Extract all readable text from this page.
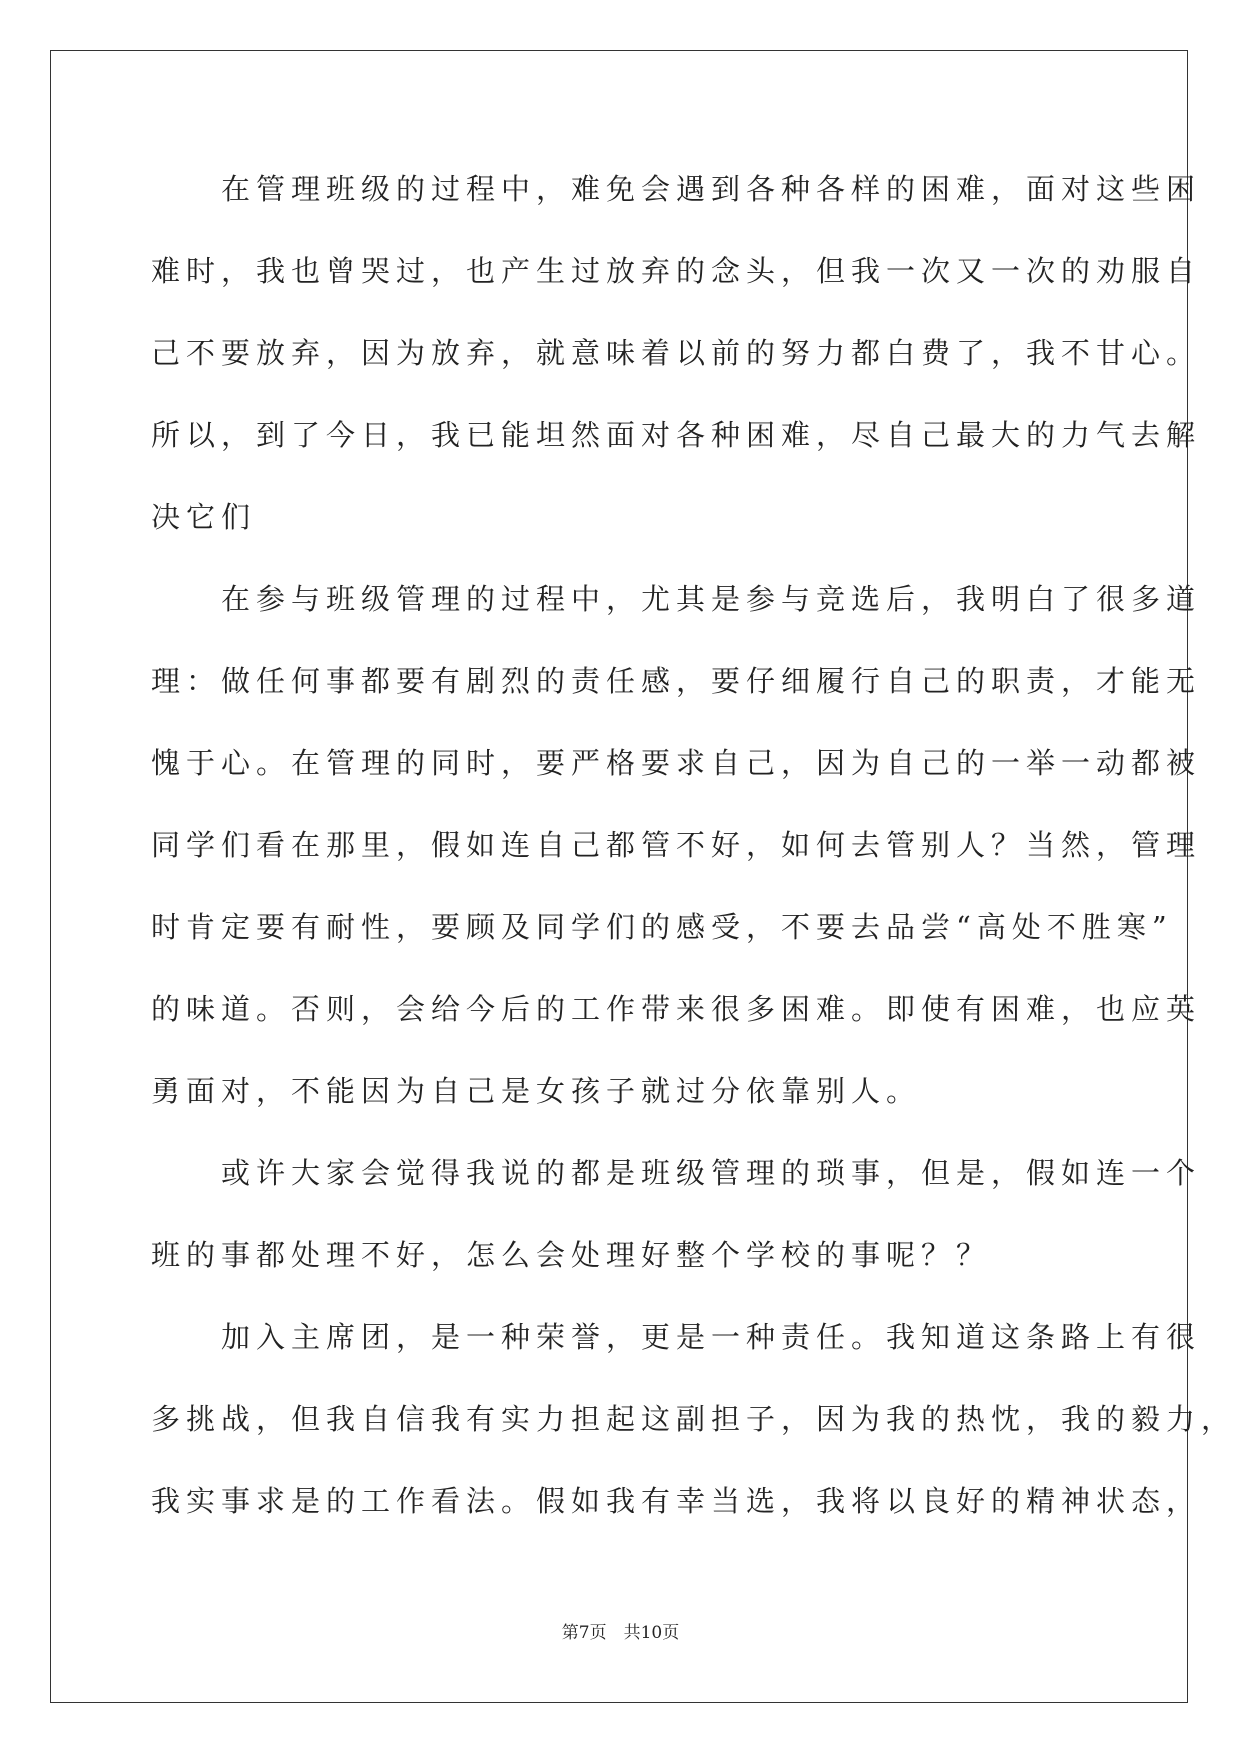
　　在管理班级的过程中，难免会遇到各种各样的困难，面对这些困
难时，我也曾哭过，也产生过放弃的念头，但我一次又一次的劝服自
己不要放弃，因为放弃，就意味着以前的努力都白费了，我不甘心。
所以，到了今日，我已能坦然面对各种困难，尽自己最大的力气去解
决它们
　　在参与班级管理的过程中，尤其是参与竞选后，我明白了很多道
理：做任何事都要有剧烈的责任感，要仔细履行自己的职责，才能无
愧于心。在管理的同时，要严格要求自己，因为自己的一举一动都被
同学们看在那里，假如连自己都管不好，如何去管别人？当然，管理
时肯定要有耐性，要顾及同学们的感受，不要去品尝“高处不胜寒”
的味道。否则，会给今后的工作带来很多困难。即使有困难，也应英
勇面对，不能因为自己是女孩子就过分依靠别人。
　　或许大家会觉得我说的都是班级管理的琐事，但是，假如连一个
班的事都处理不好，怎么会处理好整个学校的事呢？？
　　加入主席团，是一种荣誉，更是一种责任。我知道这条路上有很
多挑战，但我自信我有实力担起这副担子，因为我的热忱，我的毅力，
我实事求是的工作看法。假如我有幸当选，我将以良好的精神状态，
第7页　共10页
